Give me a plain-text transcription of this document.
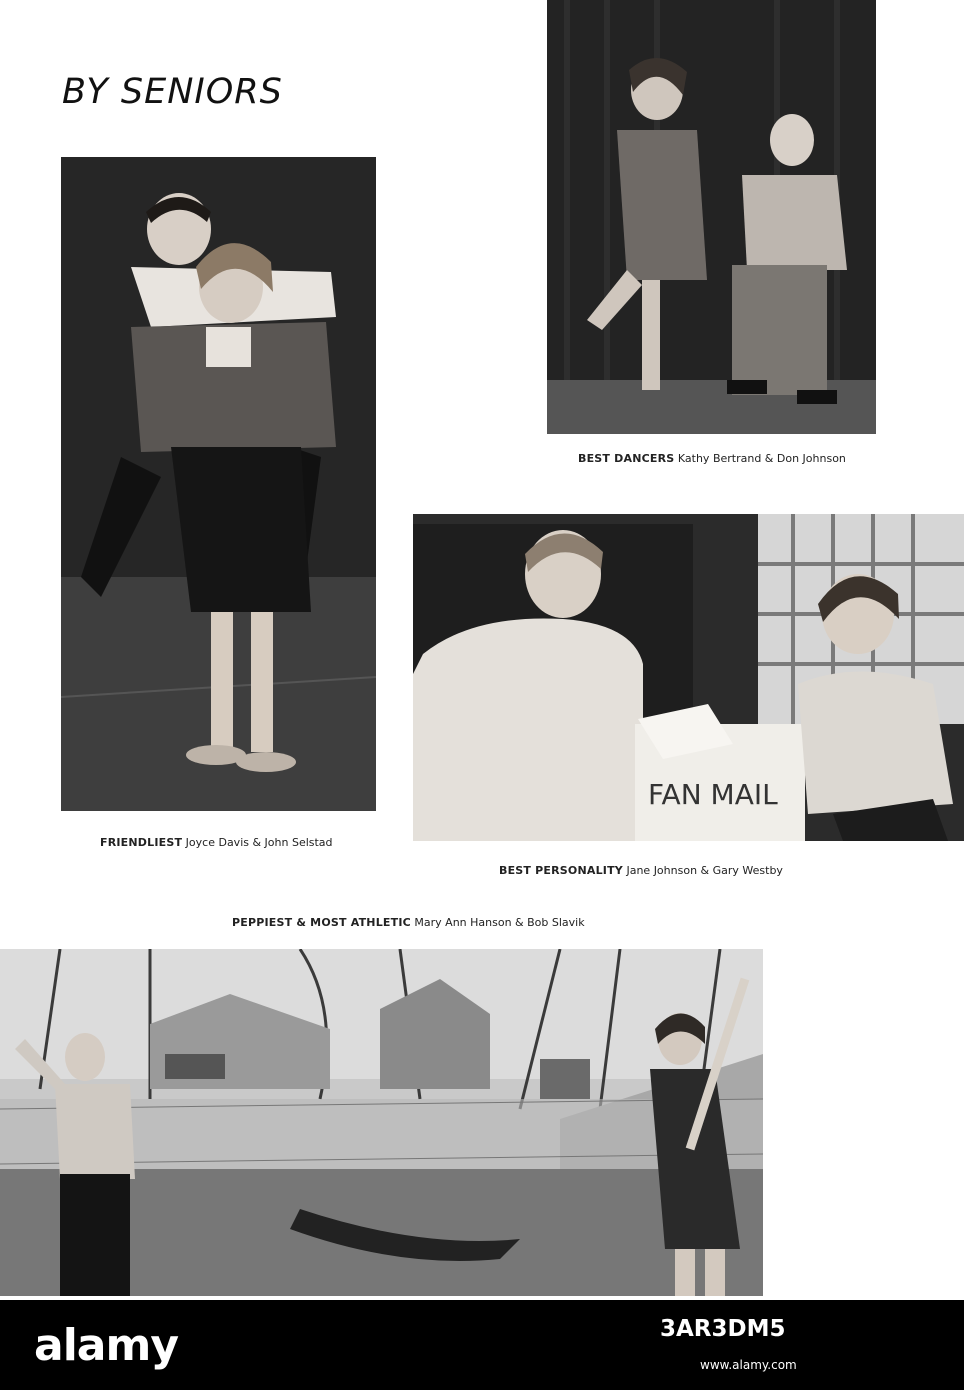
BY SENIORS
BEST DANCERS Kathy Bertrand & Don Johnson
FRIENDLIEST Joyce Davis & John Selstad
FAN MAIL
BEST PERSONALITY Jane Johnson & Gary Westby
PEPPIEST & MOST ATHLETIC Mary Ann Hanson & Bob Slavik
alamy	3AR3DM5
www.alamy.com
